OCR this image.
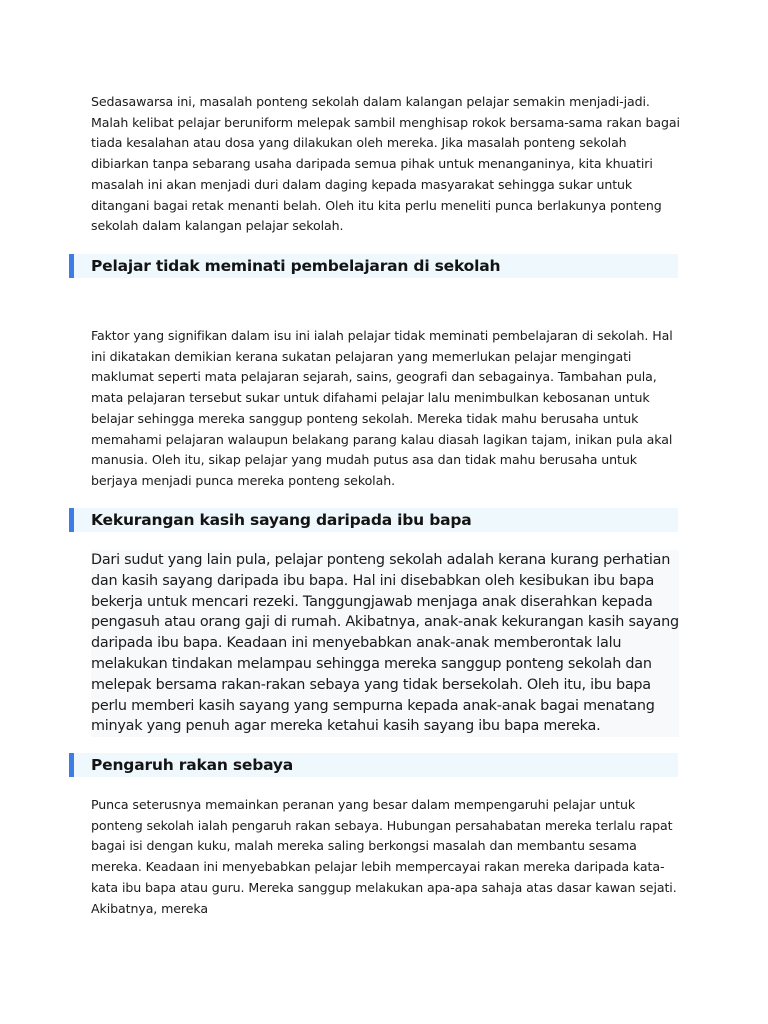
Sedasawarsa ini, masalah ponteng sekolah dalam kalangan pelajar semakin menjadi-jadi. Malah kelibat pelajar beruniform melepak sambil menghisap rokok bersama-sama rakan bagai tiada kesalahan atau dosa yang dilakukan oleh mereka. Jika masalah ponteng sekolah dibiarkan tanpa sebarang usaha daripada semua pihak untuk menanganinya, kita khuatiri masalah ini akan menjadi duri dalam daging kepada masyarakat sehingga sukar untuk ditangani bagai retak menanti belah. Oleh itu kita perlu meneliti punca berlakunya ponteng sekolah dalam kalangan pelajar sekolah.

Pelajar tidak meminati pembelajaran di sekolah

Faktor yang signifikan dalam isu ini ialah pelajar tidak meminati pembelajaran di sekolah. Hal ini dikatakan demikian kerana sukatan pelajaran yang memerlukan pelajar mengingati maklumat seperti mata pelajaran sejarah, sains, geografi dan sebagainya. Tambahan pula, mata pelajaran tersebut sukar untuk difahami pelajar lalu menimbulkan kebosanan untuk belajar sehingga mereka sanggup ponteng sekolah. Mereka tidak mahu berusaha untuk memahami pelajaran walaupun belakang parang kalau diasah lagikan tajam, inikan pula akal manusia. Oleh itu, sikap pelajar yang mudah putus asa dan tidak mahu berusaha untuk berjaya menjadi punca mereka ponteng sekolah.

Kekurangan kasih sayang daripada ibu bapa

Dari sudut yang lain pula, pelajar ponteng sekolah adalah kerana kurang perhatian dan kasih sayang daripada ibu bapa. Hal ini disebabkan oleh kesibukan ibu bapa bekerja untuk mencari rezeki. Tanggungjawab menjaga anak diserahkan kepada pengasuh atau orang gaji di rumah. Akibatnya, anak-anak kekurangan kasih sayang daripada ibu bapa. Keadaan ini menyebabkan anak-anak memberontak lalu melakukan tindakan melampau sehingga mereka sanggup ponteng sekolah dan melepak bersama rakan-rakan sebaya yang tidak bersekolah. Oleh itu, ibu bapa perlu memberi kasih sayang yang sempurna kepada anak-anak bagai menatang minyak yang penuh agar mereka ketahui kasih sayang ibu bapa mereka.

Pengaruh rakan sebaya

Punca seterusnya memainkan peranan yang besar dalam mempengaruhi pelajar untuk ponteng sekolah ialah pengaruh rakan sebaya. Hubungan persahabatan mereka terlalu rapat bagai isi dengan kuku, malah mereka saling berkongsi masalah dan membantu sesama mereka. Keadaan ini menyebabkan pelajar lebih mempercayai rakan mereka daripada kata-kata ibu bapa atau guru. Mereka sanggup melakukan apa-apa sahaja atas dasar kawan sejati. Akibatnya, mereka
